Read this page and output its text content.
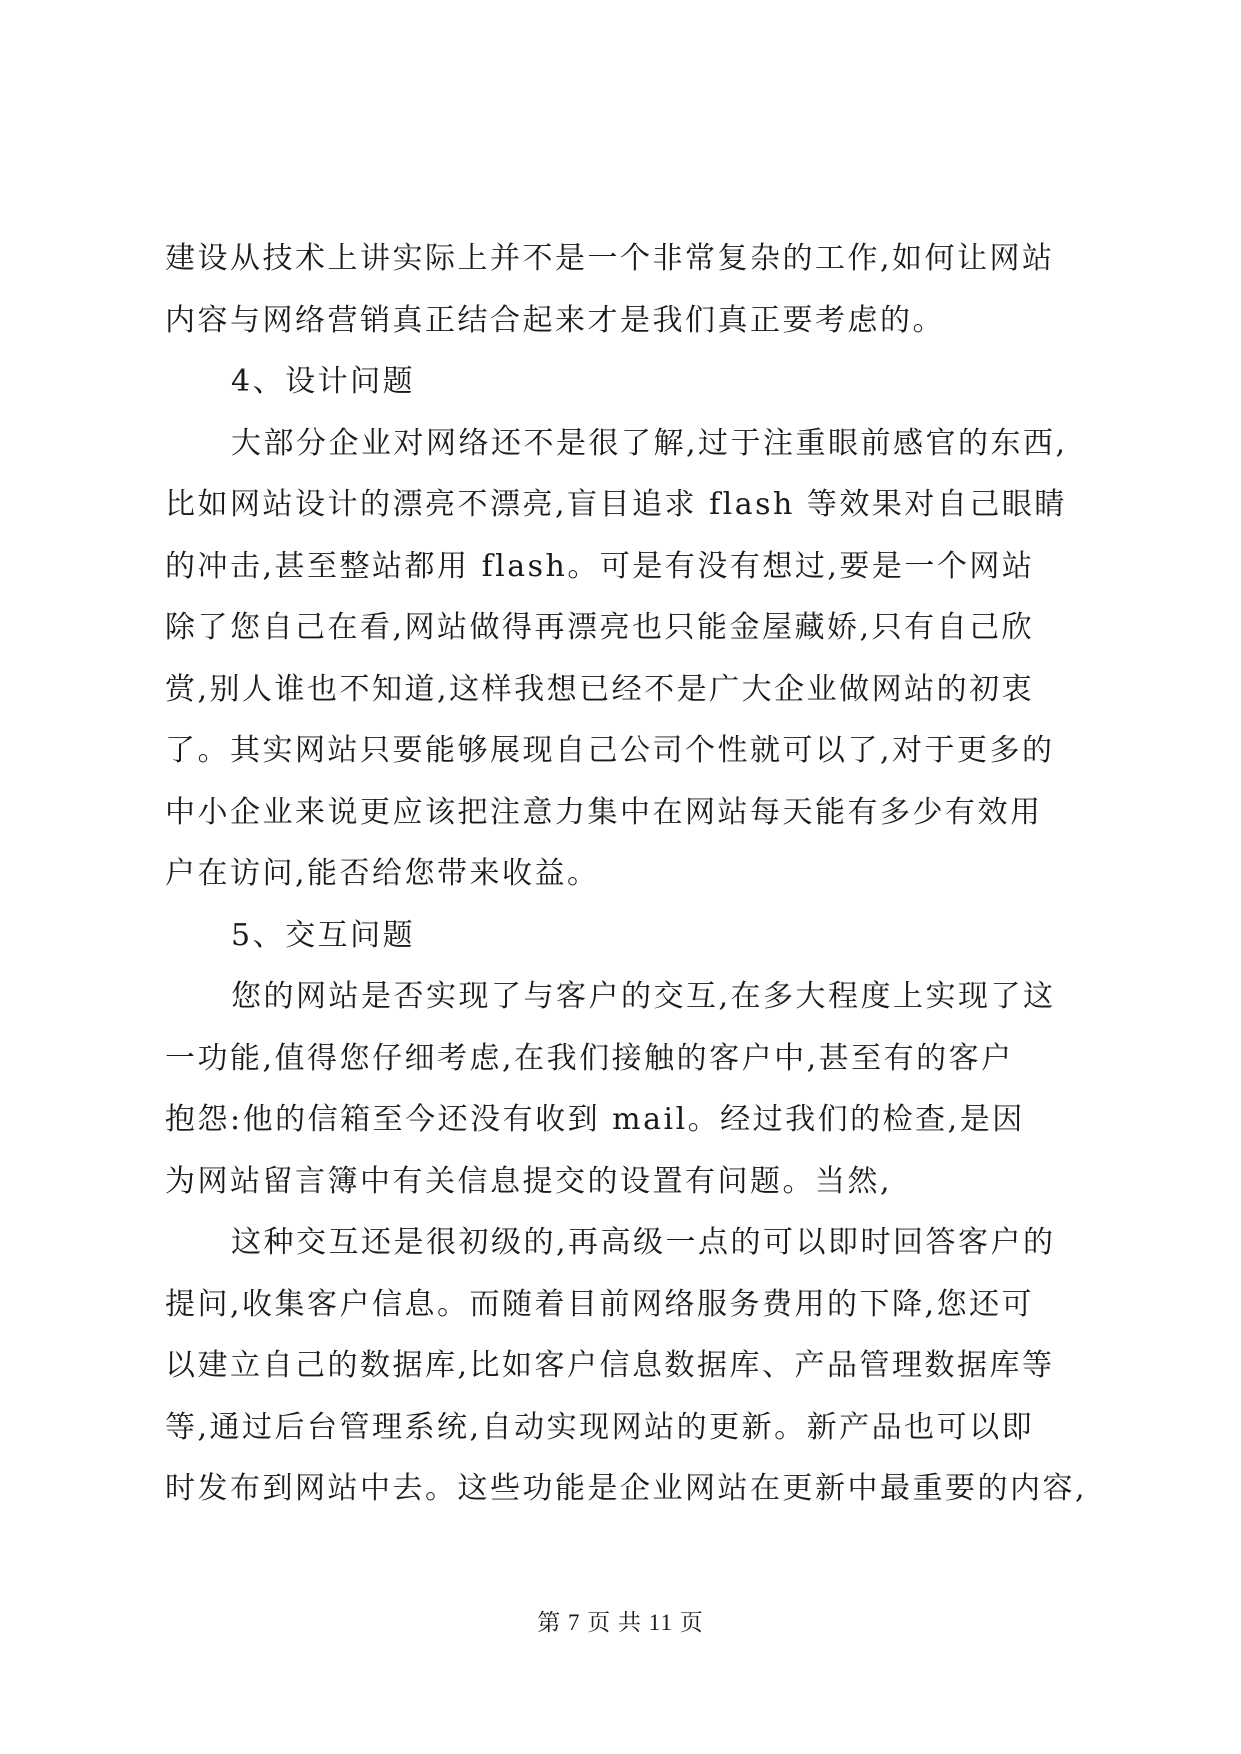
建设从技术上讲实际上并不是一个非常复杂的工作,如何让网站
内容与网络营销真正结合起来才是我们真正要考虑的。
4、设计问题
大部分企业对网络还不是很了解,过于注重眼前感官的东西,
比如网站设计的漂亮不漂亮,盲目追求 flash 等效果对自己眼睛
的冲击,甚至整站都用 flash。可是有没有想过,要是一个网站
除了您自己在看,网站做得再漂亮也只能金屋藏娇,只有自己欣
赏,别人谁也不知道,这样我想已经不是广大企业做网站的初衷
了。其实网站只要能够展现自己公司个性就可以了,对于更多的
中小企业来说更应该把注意力集中在网站每天能有多少有效用
户在访问,能否给您带来收益。
5、交互问题
您的网站是否实现了与客户的交互,在多大程度上实现了这
一功能,值得您仔细考虑,在我们接触的客户中,甚至有的客户
抱怨:他的信箱至今还没有收到 mail。经过我们的检查,是因
为网站留言簿中有关信息提交的设置有问题。当然,
这种交互还是很初级的,再高级一点的可以即时回答客户的
提问,收集客户信息。而随着目前网络服务费用的下降,您还可
以建立自己的数据库,比如客户信息数据库、产品管理数据库等
等,通过后台管理系统,自动实现网站的更新。新产品也可以即
时发布到网站中去。这些功能是企业网站在更新中最重要的内容,
第 7 页 共 11 页
